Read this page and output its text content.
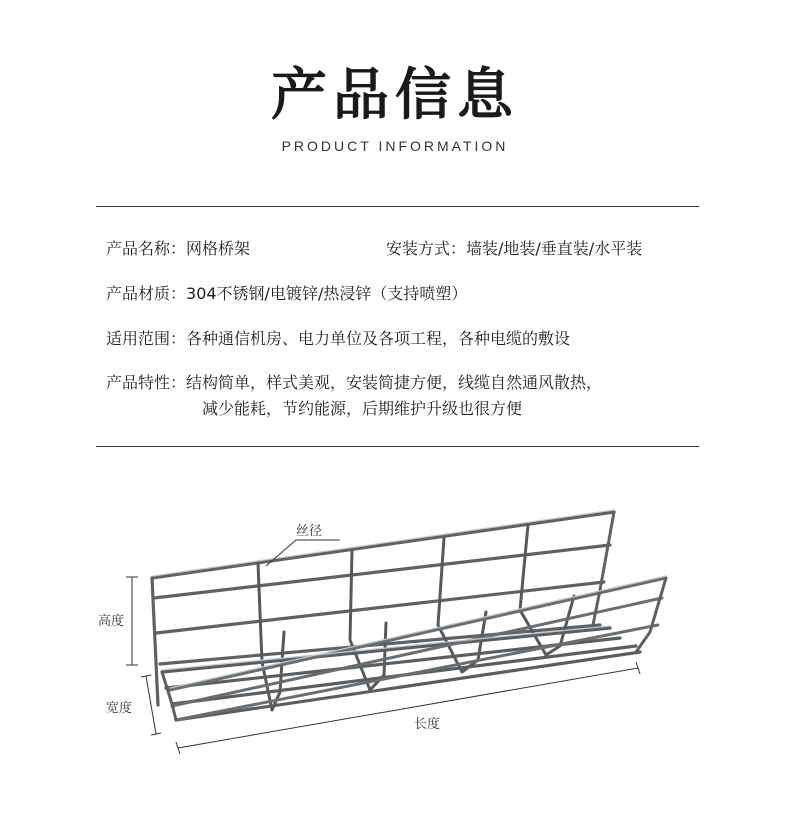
产品信息
PRODUCT INFORMATION
产品名称：网格桥架	安装方式：墙装/地装/垂直装/水平装
产品材质：304不锈钢/电镀锌/热浸锌（支持喷塑）
适用范围：各种通信机房、电力单位及各项工程，各种电缆的敷设
产品特性：结构简单，样式美观，安装简捷方便，线缆自然通风散热，
减少能耗，节约能源，后期维护升级也很方便
丝径
高度
宽度
长度
